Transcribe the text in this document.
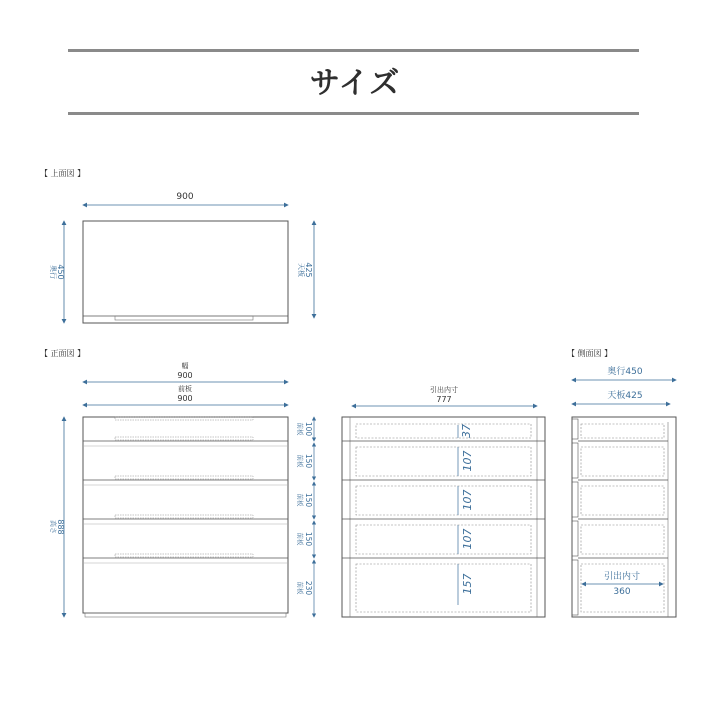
サイズ
【 上面図 】
【 正面図 】	【 側面図 】
900
奥行 450	天板 425
幅
900
前板
900
高さ 888
前板 100
前板 150
前板 150
前板 150
前板 230
引出内寸
777
37
107
107
107
157
奥行450
天板425
引出内寸
360
